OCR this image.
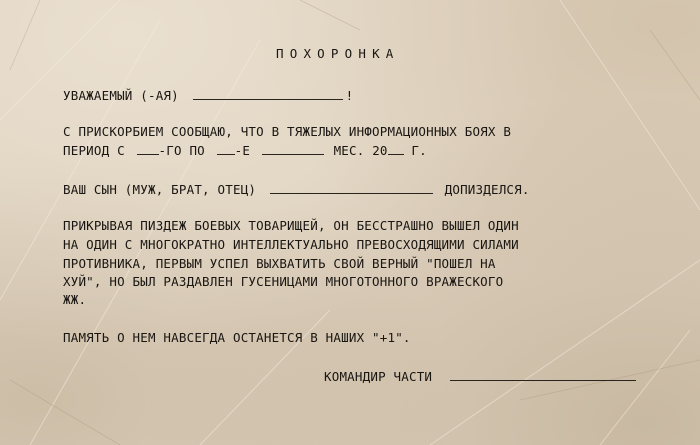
ПОХОРОНКА
УВАЖАЕМЫЙ (-АЯ)	!
С ПРИСКОРБИЕМ СООБЩАЮ, ЧТО В ТЯЖЕЛЫХ ИНФОРМАЦИОННЫХ БОЯХ В
ПЕРИОД С	-ГО ПО -Е	МЕС. 20 Г.
ВАШ СЫН (МУЖ, БРАТ, ОТЕЦ)	ДОПИЗДЕЛСЯ.
ПРИКРЫВАЯ ПИЗДЕЖ БОЕВЫХ ТОВАРИЩЕЙ, ОН БЕССТРАШНО ВЫШЕЛ ОДИН
НА ОДИН С МНОГОКРАТНО ИНТЕЛЛЕКТУАЛЬНО ПРЕВОСХОДЯЩИМИ СИЛАМИ
ПРОТИВНИКА, ПЕРВЫМ УСПЕЛ ВЫХВАТИТЬ СВОЙ ВЕРНЫЙ "ПОШЕЛ НА
ХУЙ", НО БЫЛ РАЗДАВЛЕН ГУСЕНИЦАМИ МНОГОТОННОГО ВРАЖЕСКОГО
ЖЖ.
ПАМЯТЬ О НЕМ НАВСЕГДА ОСТАНЕТСЯ В НАШИХ "+1".
КОМАНДИР ЧАСТИ
